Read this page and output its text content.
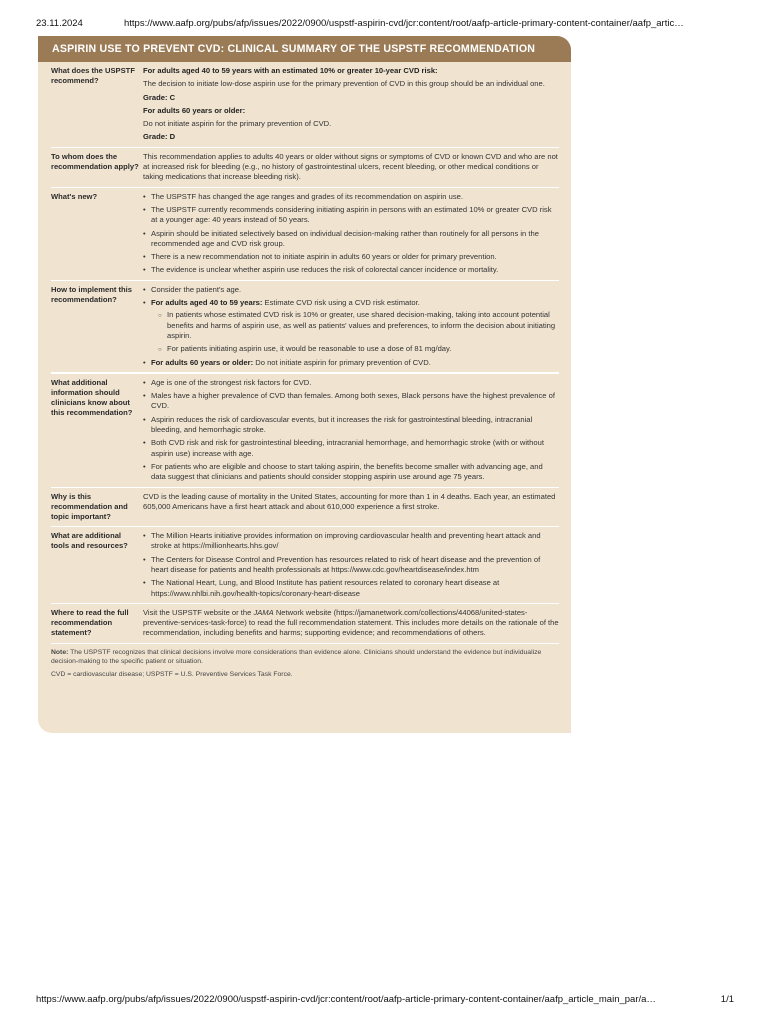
23.11.2024	https://www.aafp.org/pubs/afp/issues/2022/0900/uspstf-aspirin-cvd/jcr:content/root/aafp-article-primary-content-container/aafp_artic…
ASPIRIN USE TO PREVENT CVD: CLINICAL SUMMARY OF THE USPSTF RECOMMENDATION
What does the USPSTF recommend?

For adults aged 40 to 59 years with an estimated 10% or greater 10-year CVD risk:

The decision to initiate low-dose aspirin use for the primary prevention of CVD in this group should be an individual one.

Grade: C

For adults 60 years or older:

Do not initiate aspirin for the primary prevention of CVD.

Grade: D

To whom does the recommendation apply?

This recommendation applies to adults 40 years or older without signs or symptoms of CVD or known CVD and who are not at increased risk for bleeding (e.g., no history of gastrointestinal ulcers, recent bleeding, or other medical conditions or taking medications that increase bleeding risk).

What's new?
•	The USPSTF has changed the age ranges and grades of its recommendation on aspirin use.
• The USPSTF currently recommends considering initiating aspirin in persons with an estimated 10% or greater CVD risk at a younger age: 40 years instead of 50 years.
• Aspirin should be initiated selectively based on individual decision-making rather than routinely for all persons in the recommended age and CVD risk group.
• There is a new recommendation not to initiate aspirin in adults 60 years or older for primary prevention.
• The evidence is unclear whether aspirin use reduces the risk of colorectal cancer incidence or mortality.
How to implement this recommendation?
• Consider the patient's age.
• For adults aged 40 to 59 years: Estimate CVD risk using a CVD risk estimator.
○ In patients whose estimated CVD risk is 10% or greater, use shared decision-making, taking into account potential benefits and harms of aspirin use, as well as patients' values and preferences, to inform the decision about initiating aspirin.
○ For patients initiating aspirin use, it would be reasonable to use a dose of 81 mg/day.
• For adults 60 years or older: Do not initiate aspirin for primary prevention of CVD.
What additional information should clinicians know about this recommendation?
• Age is one of the strongest risk factors for CVD.
• Males have a higher prevalence of CVD than females. Among both sexes, Black persons have the highest prevalence of CVD.
• Aspirin reduces the risk of cardiovascular events, but it increases the risk for gastrointestinal bleeding, intracranial bleeding, and hemorrhagic stroke.
• Both CVD risk and risk for gastrointestinal bleeding, intracranial hemorrhage, and hemorrhagic stroke (with or without aspirin use) increase with age.
• For patients who are eligible and choose to start taking aspirin, the benefits become smaller with advancing age, and data suggest that clinicians and patients should consider stopping aspirin use around age 75 years.
Why is this recommendation and topic important?

CVD is the leading cause of mortality in the United States, accounting for more than 1 in 4 deaths. Each year, an estimated 605,000 Americans have a first heart attack and about 610,000 experience a first stroke.

What are additional tools and resources?
• The Million Hearts initiative provides information on improving cardiovascular health and preventing heart attack and stroke at https://millionhearts.hhs.gov/
• The Centers for Disease Control and Prevention has resources related to risk of heart disease and the prevention of heart disease for patients and health professionals at https://www.cdc.gov/heartdisease/index.htm
• The National Heart, Lung, and Blood Institute has patient resources related to coronary heart disease at https://www.nhlbi.nih.gov/health-topics/coronary-heart-disease
Where to read the full recommendation statement?

Visit the USPSTF website or the JAMA Network website (https://jamanetwork.com/collections/44068/united-states-preventive-services-task-force) to read the full recommendation statement. This includes more details on the rationale of the recommendation, including benefits and harms; supporting evidence; and recommendations of others.

Note: The USPSTF recognizes that clinical decisions involve more considerations than evidence alone. Clinicians should understand the evidence but individualize decision-making to the specific patient or situation.

CVD = cardiovascular disease; USPSTF = U.S. Preventive Services Task Force.

https://www.aafp.org/pubs/afp/issues/2022/0900/uspstf-aspirin-cvd/jcr:content/root/aafp-article-primary-content-container/aafp_article_main_par/a…	1/1
